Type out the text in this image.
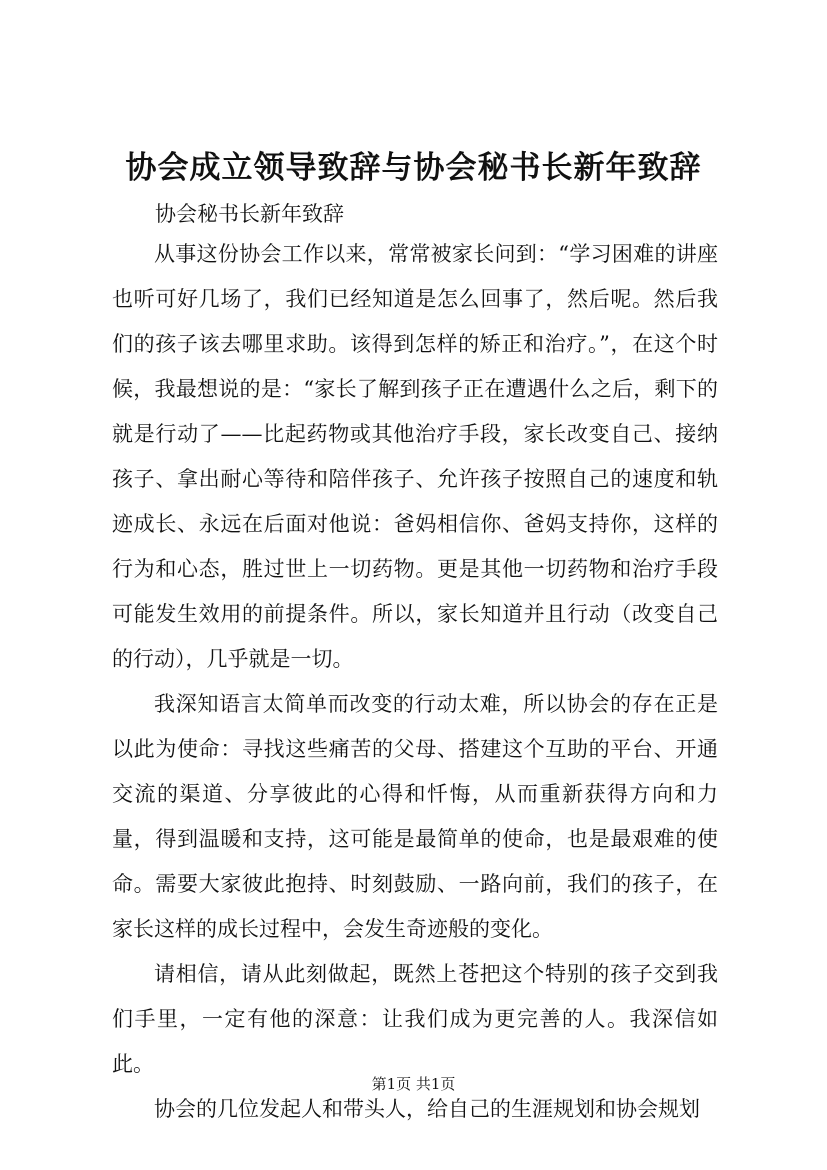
协会成立领导致辞与协会秘书长新年致辞
协会秘书长新年致辞

从事这份协会工作以来，常常被家长问到：“学习困难的讲座也听可好几场了，我们已经知道是怎么回事了，然后呢。然后我们的孩子该去哪里求助。该得到怎样的矫正和治疗。”，在这个时候，我最想说的是：“家长了解到孩子正在遭遇什么之后，剩下的就是行动了——比起药物或其他治疗手段，家长改变自己、接纳孩子、拿出耐心等待和陪伴孩子、允许孩子按照自己的速度和轨迹成长、永远在后面对他说：爸妈相信你、爸妈支持你，这样的行为和心态，胜过世上一切药物。更是其他一切药物和治疗手段可能发生效用的前提条件。所以，家长知道并且行动（改变自己的行动），几乎就是一切。

我深知语言太简单而改变的行动太难，所以协会的存在正是以此为使命：寻找这些痛苦的父母、搭建这个互助的平台、开通交流的渠道、分享彼此的心得和忏悔，从而重新获得方向和力量，得到温暖和支持，这可能是最简单的使命，也是最艰难的使命。需要大家彼此抱持、时刻鼓励、一路向前，我们的孩子，在家长这样的成长过程中，会发生奇迹般的变化。

请相信，请从此刻做起，既然上苍把这个特别的孩子交到我们手里，一定有他的深意：让我们成为更完善的人。我深信如此。

协会的几位发起人和带头人，给自己的生涯规划和协会规划

第1页 共1页
